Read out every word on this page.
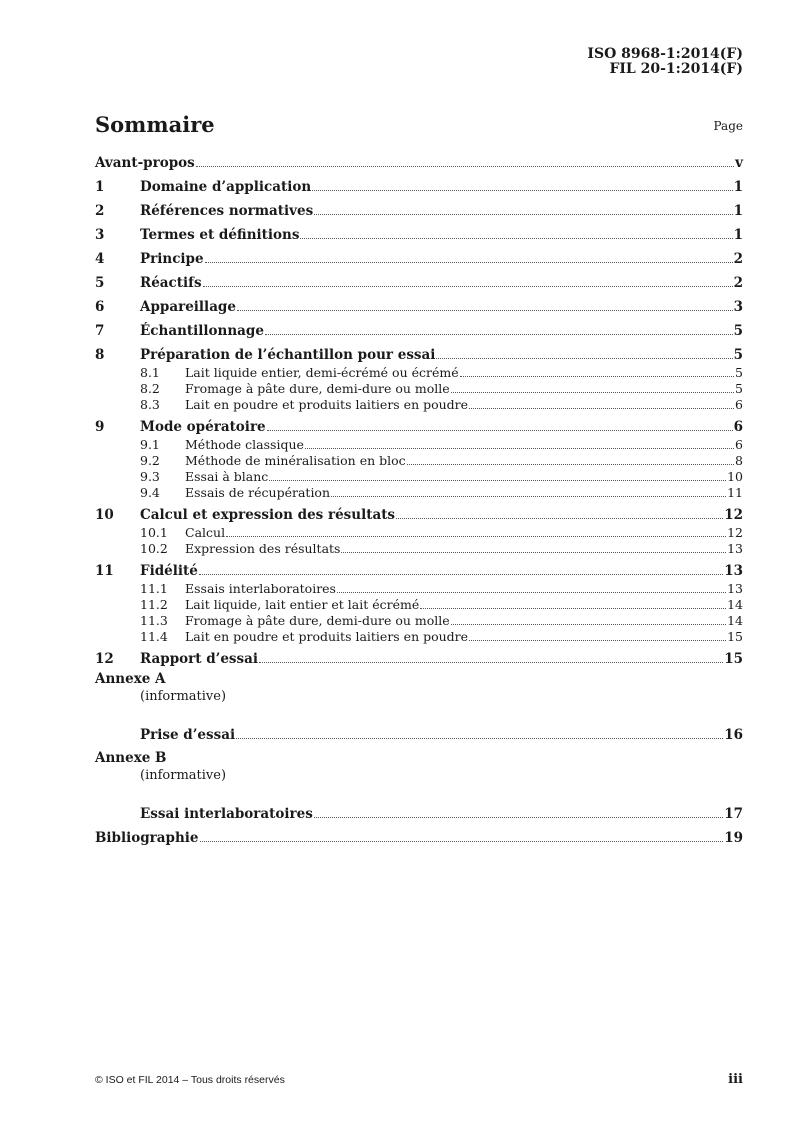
ISO 8968-1:2014(F)
FIL 20-1:2014(F)
Sommaire	Page
Avant-propos	v
1	Domaine d’application	1
2	Références normatives	1
3	Termes et définitions	1
4	Principe	2
5	Réactifs	2
6	Appareillage	3
7	Échantillonnage	5
8	Préparation de l’échantillon pour essai	5
8.1	Lait liquide entier, demi-écrémé ou écrémé	5
8.2	Fromage à pâte dure, demi-dure ou molle	5
8.3	Lait en poudre et produits laitiers en poudre	6
9	Mode opératoire	6
9.1	Méthode classique	6
9.2	Méthode de minéralisation en bloc	8
9.3	Essai à blanc	10
9.4	Essais de récupération	11
10	Calcul et expression des résultats	12
10.1	Calcul	12
10.2	Expression des résultats	13
11	Fidélité	13
11.1	Essais interlaboratoires	13
11.2	Lait liquide, lait entier et lait écrémé	14
11.3	Fromage à pâte dure, demi-dure ou molle	14
11.4	Lait en poudre et produits laitiers en poudre	15
12	Rapport d’essai	15
Annexe A
(informative)
Prise d’essai	16
Annexe B
(informative)
Essai interlaboratoires	17
Bibliographie	19
© ISO et FIL 2014 – Tous droits réservés	iii
